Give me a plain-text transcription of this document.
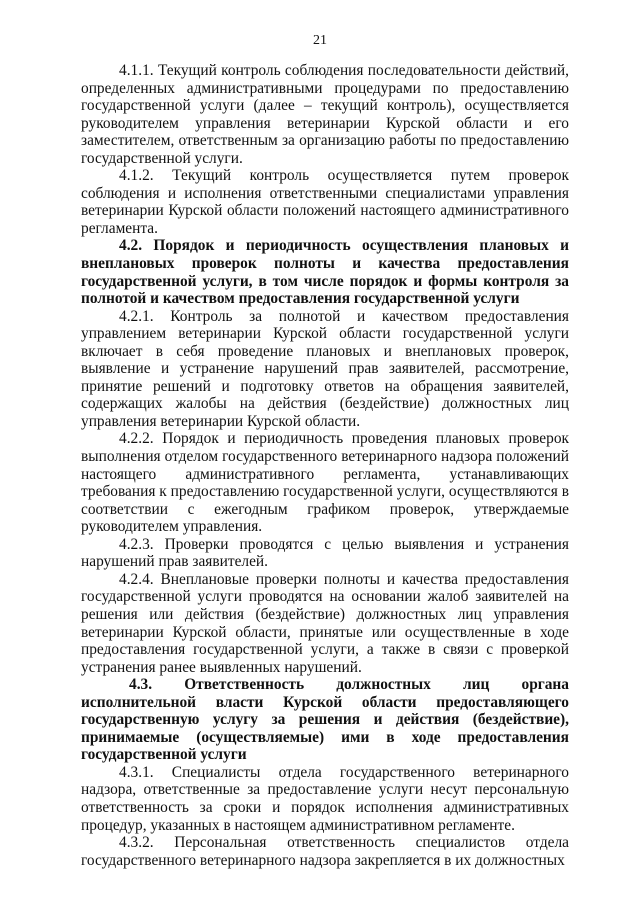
21

4.1.1. Текущий контроль соблюдения последовательности действий, определенных административными процедурами по предоставлению государственной услуги (далее – текущий контроль), осуществляется руководителем управления ветеринарии Курской области и его заместителем, ответственным за организацию работы по предоставлению государственной услуги.

4.1.2. Текущий контроль осуществляется путем проверок соблюдения и исполнения ответственными специалистами управления ветеринарии Курской области положений настоящего административного регламента.

4.2. Порядок и периодичность осуществления плановых и внеплановых проверок полноты и качества предоставления государственной услуги, в том числе порядок и формы контроля за полнотой и качеством предоставления государственной услуги

4.2.1. Контроль за полнотой и качеством предоставления управлением ветеринарии Курской области государственной услуги включает в себя проведение плановых и внеплановых проверок, выявление и устранение нарушений прав заявителей, рассмотрение, принятие решений и подготовку ответов на обращения заявителей, содержащих жалобы на действия (бездействие) должностных лиц управления ветеринарии Курской области.

4.2.2. Порядок и периодичность проведения плановых проверок выполнения отделом государственного ветеринарного надзора положений настоящего административного регламента, устанавливающих требования к предоставлению государственной услуги, осуществляются в соответствии с ежегодным графиком проверок, утверждаемые руководителем управления.

4.2.3. Проверки проводятся с целью выявления и устранения нарушений прав заявителей.

4.2.4. Внеплановые проверки полноты и качества предоставления государственной услуги проводятся на основании жалоб заявителей на решения или действия (бездействие) должностных лиц управления ветеринарии Курской области, принятые или осуществленные в ходе предоставления государственной услуги, а также в связи с проверкой устранения ранее выявленных нарушений.

4.3. Ответственность должностных лиц органа исполнительной власти Курской области предоставляющего государственную услугу за решения и действия (бездействие), принимаемые (осуществляемые) ими в ходе предоставления государственной услуги

4.3.1. Специалисты отдела государственного ветеринарного надзора, ответственные за предоставление услуги несут персональную ответственность за сроки и порядок исполнения административных процедур, указанных в настоящем административном регламенте.

4.3.2. Персональная ответственность специалистов отдела государственного ветеринарного надзора закрепляется в их должностных
